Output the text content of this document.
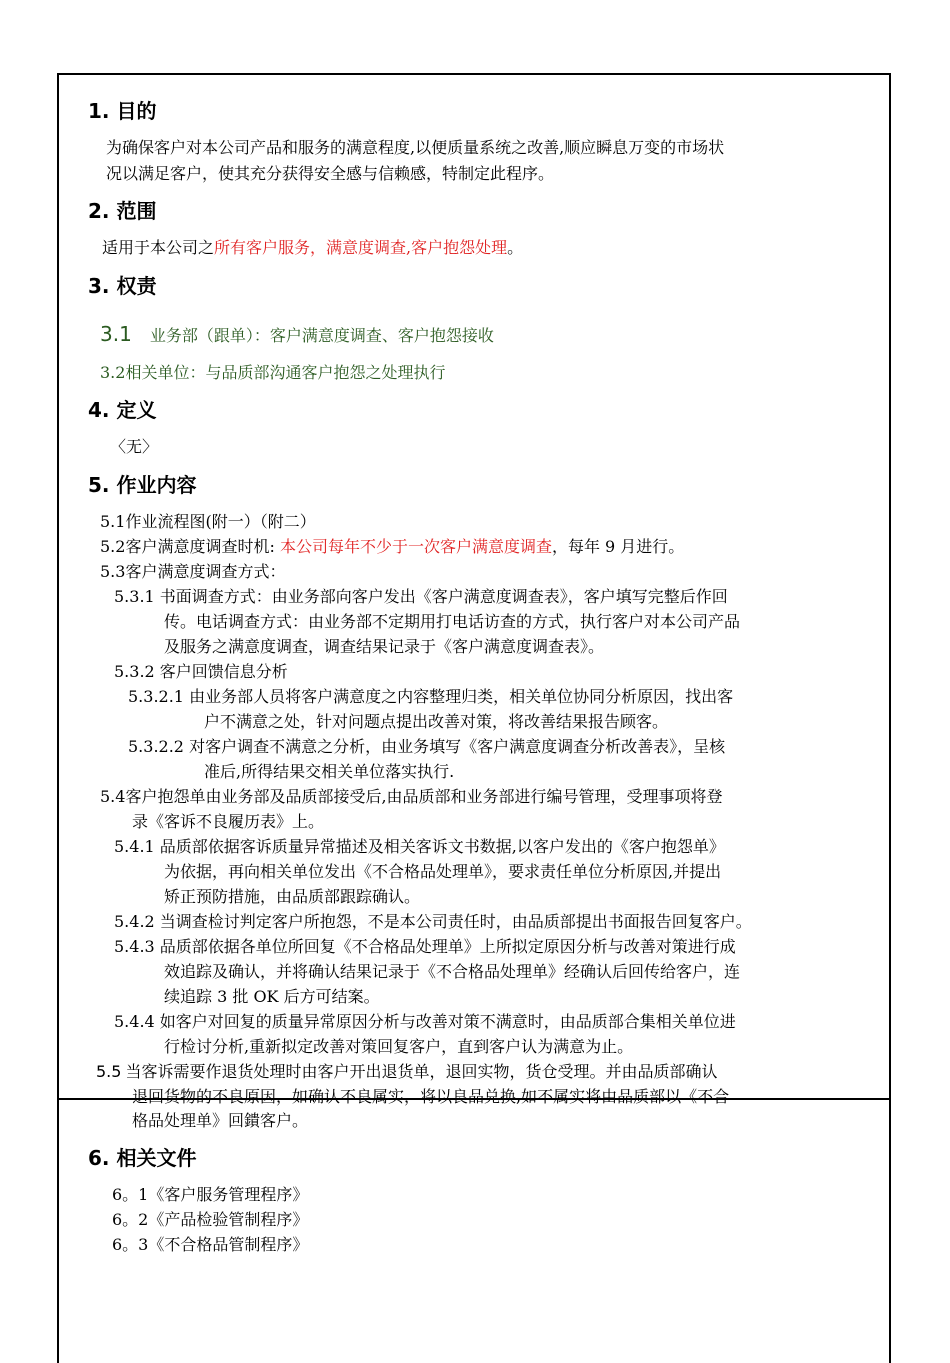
1. 目的
为确保客户对本公司产品和服务的满意程度,以便质量系统之改善,顺应瞬息万变的市场状
况以满足客户，使其充分获得安全感与信赖感，特制定此程序。
2. 范围
适用于本公司之所有客户服务，满意度调查,客户抱怨处理。
3. 权责
3.1 业务部（跟单）：客户满意度调查、客户抱怨接收
3.2相关单位：与品质部沟通客户抱怨之处理执行
4. 定义
〈无〉
5. 作业内容
5.1作业流程图(附一）（附二）
5.2客户满意度调查时机: 本公司每年不少于一次客户满意度调查，每年 9 月进行。
5.3客户满意度调查方式：
5.3.1 书面调查方式：由业务部向客户发出《客户满意度调查表》，客户填写完整后作回
传。电话调查方式：由业务部不定期用打电话访查的方式，执行客户对本公司产品
及服务之满意度调查，调查结果记录于《客户满意度调查表》。
5.3.2 客户回馈信息分析
5.3.2.1 由业务部人员将客户满意度之内容整理归类，相关单位协同分析原因，找出客
户不满意之处，针对问题点提出改善对策，将改善结果报告顾客。
5.3.2.2 对客户调查不满意之分析，由业务填写《客户满意度调查分析改善表》，呈核
准后,所得结果交相关单位落实执行.
5.4客户抱怨单由业务部及品质部接受后,由品质部和业务部进行编号管理，受理事项将登
录《客诉不良履历表》上。
5.4.1 品质部依据客诉质量异常描述及相关客诉文书数据,以客户发出的《客户抱怨单》
为依据，再向相关单位发出《不合格品处理单》，要求责任单位分析原因,并提出
矫正预防措施，由品质部跟踪确认。
5.4.2 当调查检讨判定客户所抱怨，不是本公司责任时，由品质部提出书面报告回复客户。
5.4.3 品质部依据各单位所回复《不合格品处理单》上所拟定原因分析与改善对策进行成
效追踪及确认，并将确认结果记录于《不合格品处理单》经确认后回传给客户，连
续追踪 3 批 OK 后方可结案。
5.4.4 如客户对回复的质量异常原因分析与改善对策不满意时，由品质部合集相关单位进
行检讨分析,重新拟定改善对策回复客户，直到客户认为满意为止。
5.5 当客诉需要作退货处理时由客户开出退货单，退回实物，货仓受理。并由品质部确认
退回货物的不良原因，如确认不良属实，将以良品兑换,如不属实将由品质部以《不合
格品处理单》回鐀客户。
6. 相关文件
6。1《客户服务管理程序》
6。2《产品检验管制程序》
6。3《不合格品管制程序》
